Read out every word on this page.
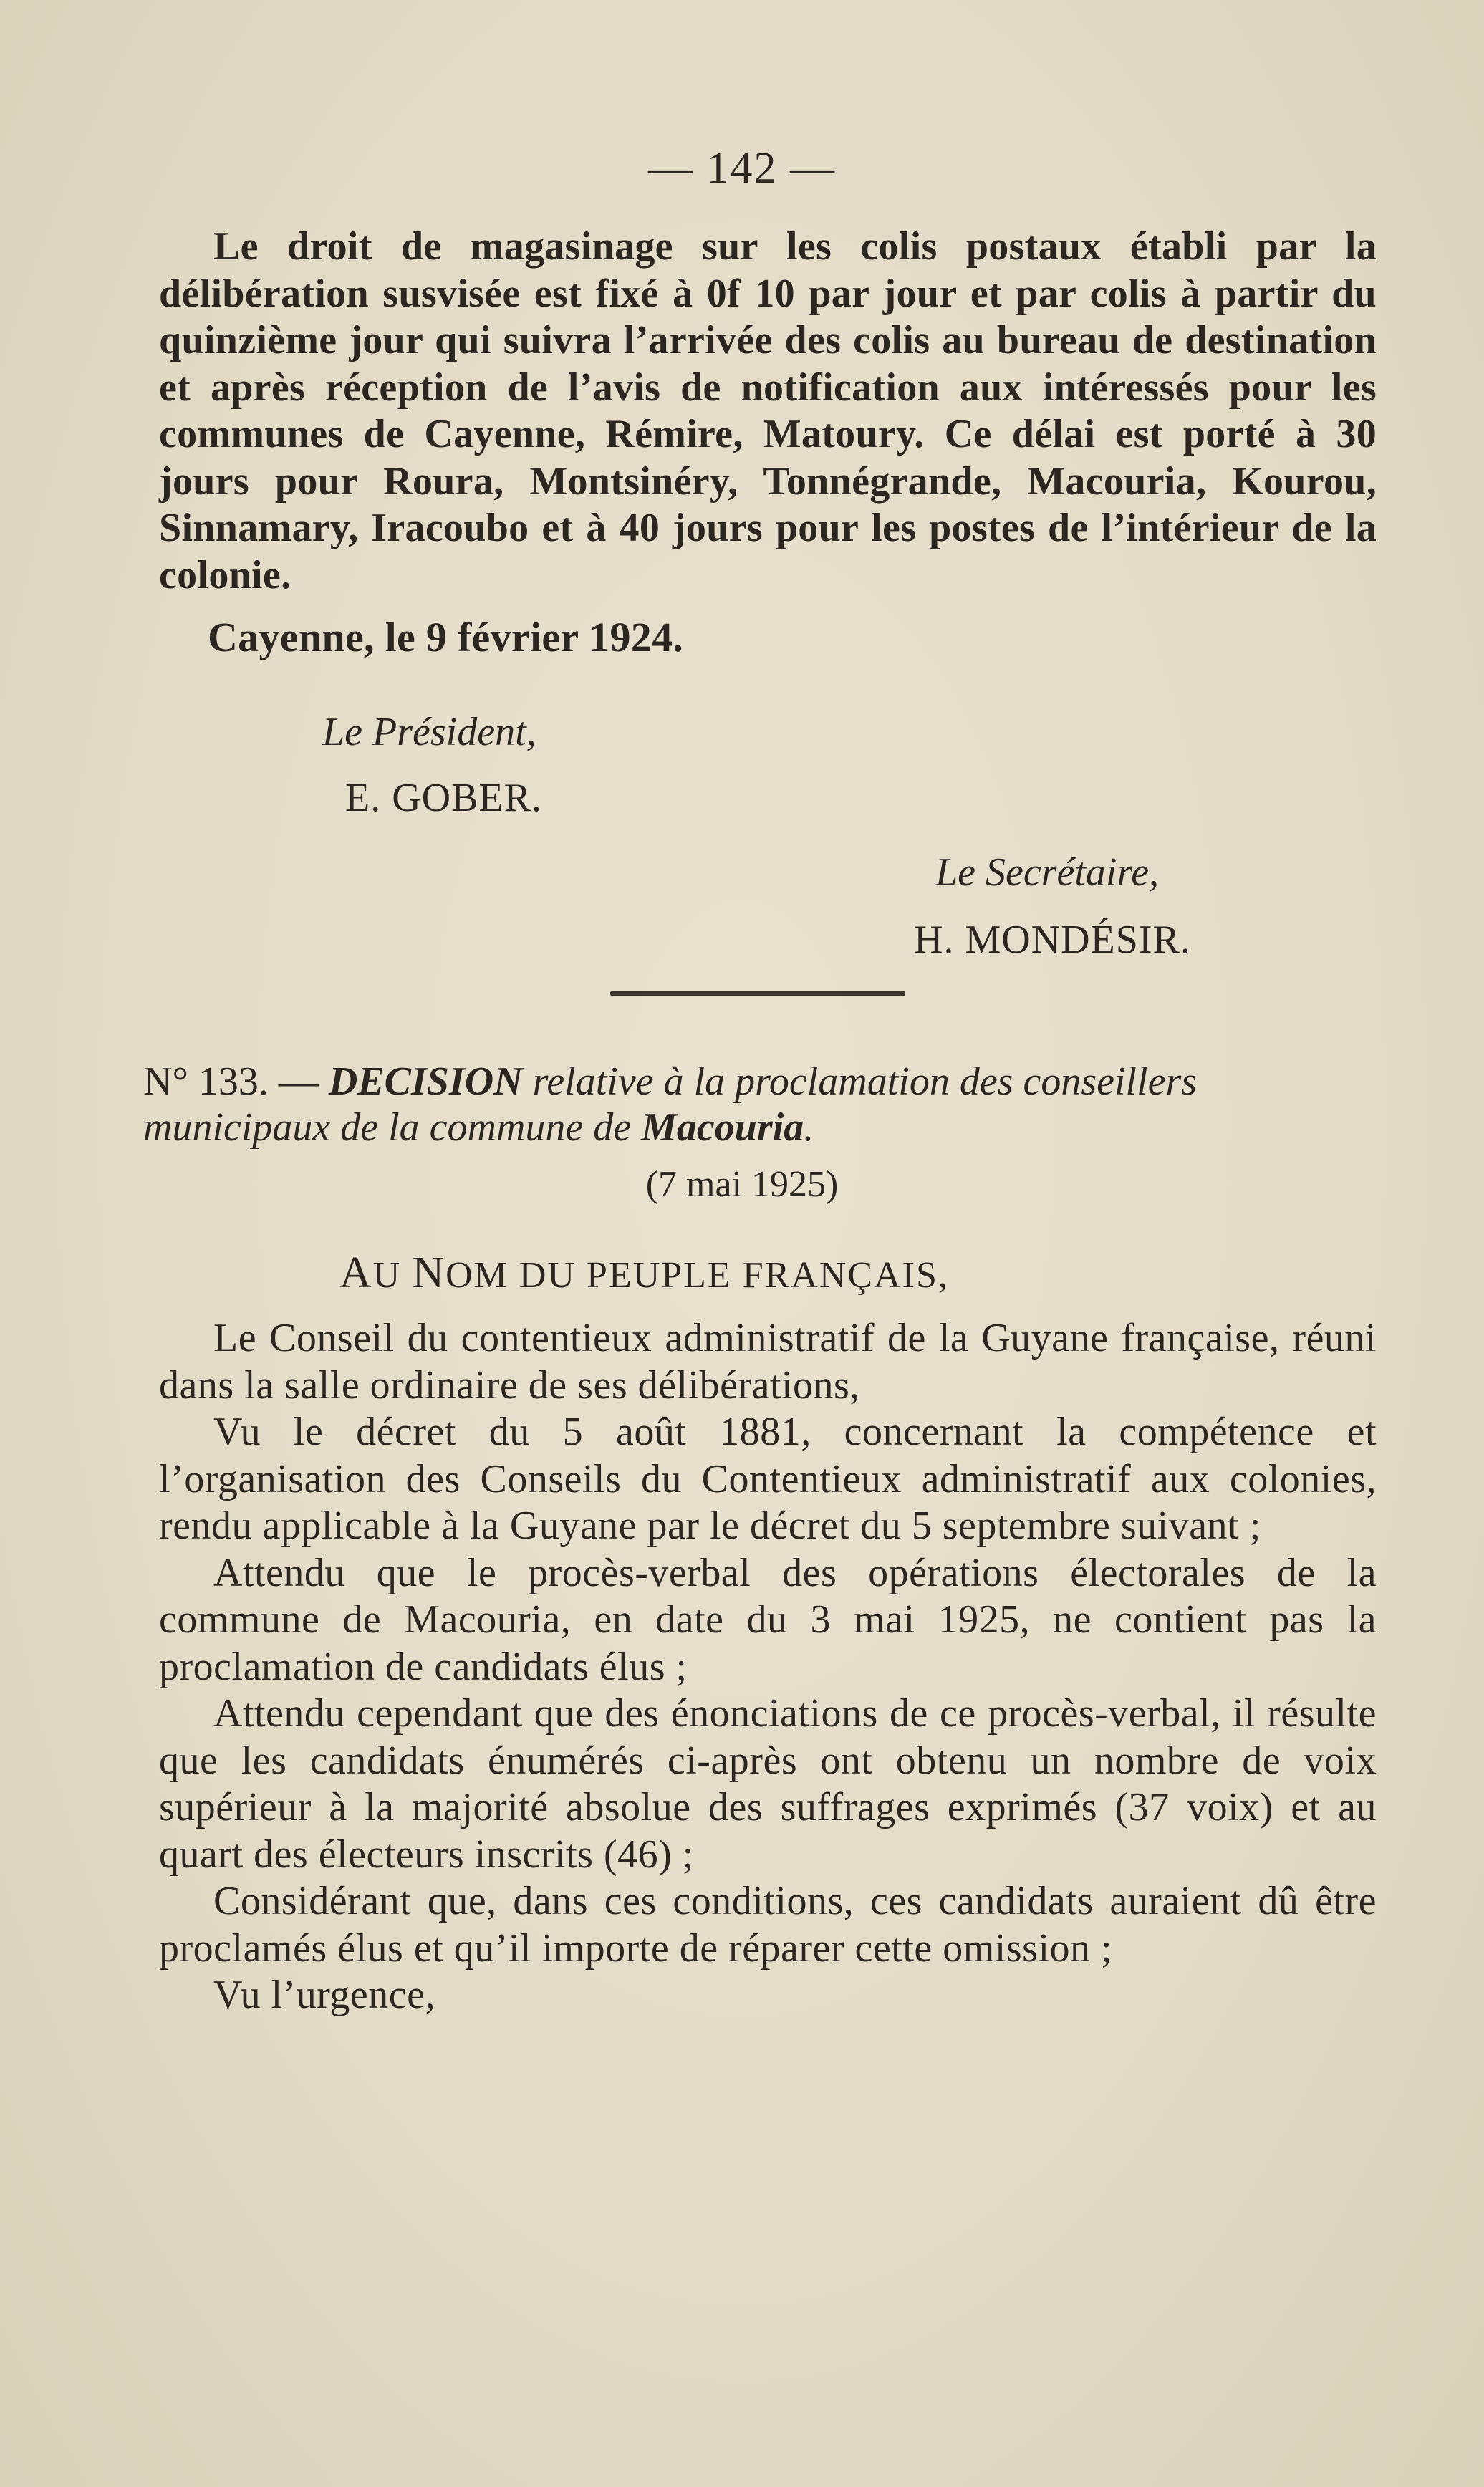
— 142 —

Le droit de magasinage sur les colis postaux établi par la délibération susvisée est fixé à 0f 10 par jour et par colis à partir du quinzième jour qui suivra l’arrivée des colis au bureau de destination et après réception de l’avis de notification aux intéressés pour les communes de Cayenne, Rémire, Matoury. Ce délai est porté à 30 jours pour Roura, Montsinéry, Tonnégrande, Macouria, Kourou, Sinnamary, Iracoubo et à 40 jours pour les postes de l’intérieur de la colonie.

Cayenne, le 9 février 1924.
Le Président,
E. GOBER.
Le Secrétaire,
H. MONDÉSIR.
N° 133. — DECISION relative à la proclamation des conseillers municipaux de la commune de Macouria.
(7 mai 1925)
AU NOM DU PEUPLE FRANÇAIS,

Le Conseil du contentieux administratif de la Guyane française, réuni dans la salle ordinaire de ses délibérations,

Vu le décret du 5 août 1881, concernant la compétence et l’organisation des Conseils du Contentieux administratif aux colonies, rendu applicable à la Guyane par le décret du 5 septembre suivant ;

Attendu que le procès-verbal des opérations électorales de la commune de Macouria, en date du 3 mai 1925, ne contient pas la proclamation de candidats élus ;

Attendu cependant que des énonciations de ce procès-verbal, il résulte que les candidats énumérés ci-après ont obtenu un nombre de voix supérieur à la majorité absolue des suffrages exprimés (37 voix) et au quart des électeurs inscrits (46) ;

Considérant que, dans ces conditions, ces candidats auraient dû être proclamés élus et qu’il importe de réparer cette omission ;

Vu l’urgence,
